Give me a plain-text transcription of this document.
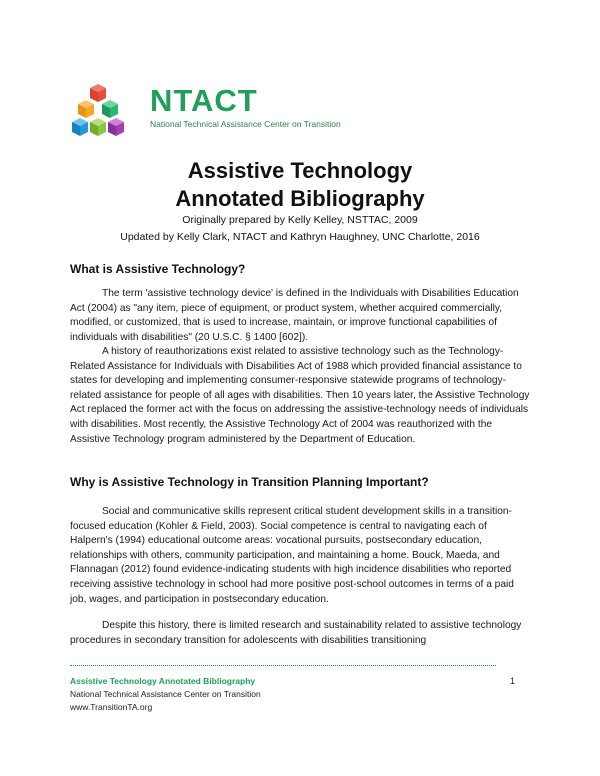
NTACT
National Technical Assistance Center on Transition
Assistive Technology
Annotated Bibliography
Originally prepared by Kelly Kelley, NSTTAC, 2009
Updated by Kelly Clark, NTACT and Kathryn Haughney, UNC Charlotte, 2016
What is Assistive Technology?

The term 'assistive technology device' is defined in the Individuals with Disabilities Education Act (2004) as "any item, piece of equipment, or product system, whether acquired commercially, modified, or customized, that is used to increase, maintain, or improve functional capabilities of individuals with disabilities" (20 U.S.C. § 1400 [602]).

A history of reauthorizations exist related to assistive technology such as the Technology-Related Assistance for Individuals with Disabilities Act of 1988 which provided financial assistance to states for developing and implementing consumer-responsive statewide programs of technology-related assistance for people of all ages with disabilities. Then 10 years later, the Assistive Technology Act replaced the former act with the focus on addressing the assistive-technology needs of individuals with disabilities. Most recently, the Assistive Technology Act of 2004 was reauthorized with the Assistive Technology program administered by the Department of Education.

Why is Assistive Technology in Transition Planning Important?

Social and communicative skills represent critical student development skills in a transition-focused education (Kohler & Field, 2003). Social competence is central to navigating each of Halpern's (1994) educational outcome areas: vocational pursuits, postsecondary education, relationships with others, community participation, and maintaining a home. Bouck, Maeda, and Flannagan (2012) found evidence-indicating students with high incidence disabilities who reported receiving assistive technology in school had more positive post-school outcomes in terms of a paid job, wages, and participation in postsecondary education.

Despite this history, there is limited research and sustainability related to assistive technology procedures in secondary transition for adolescents with disabilities transitioning

Assistive Technology Annotated Bibliography	1
National Technical Assistance Center on Transition
www.TransitionTA.org
